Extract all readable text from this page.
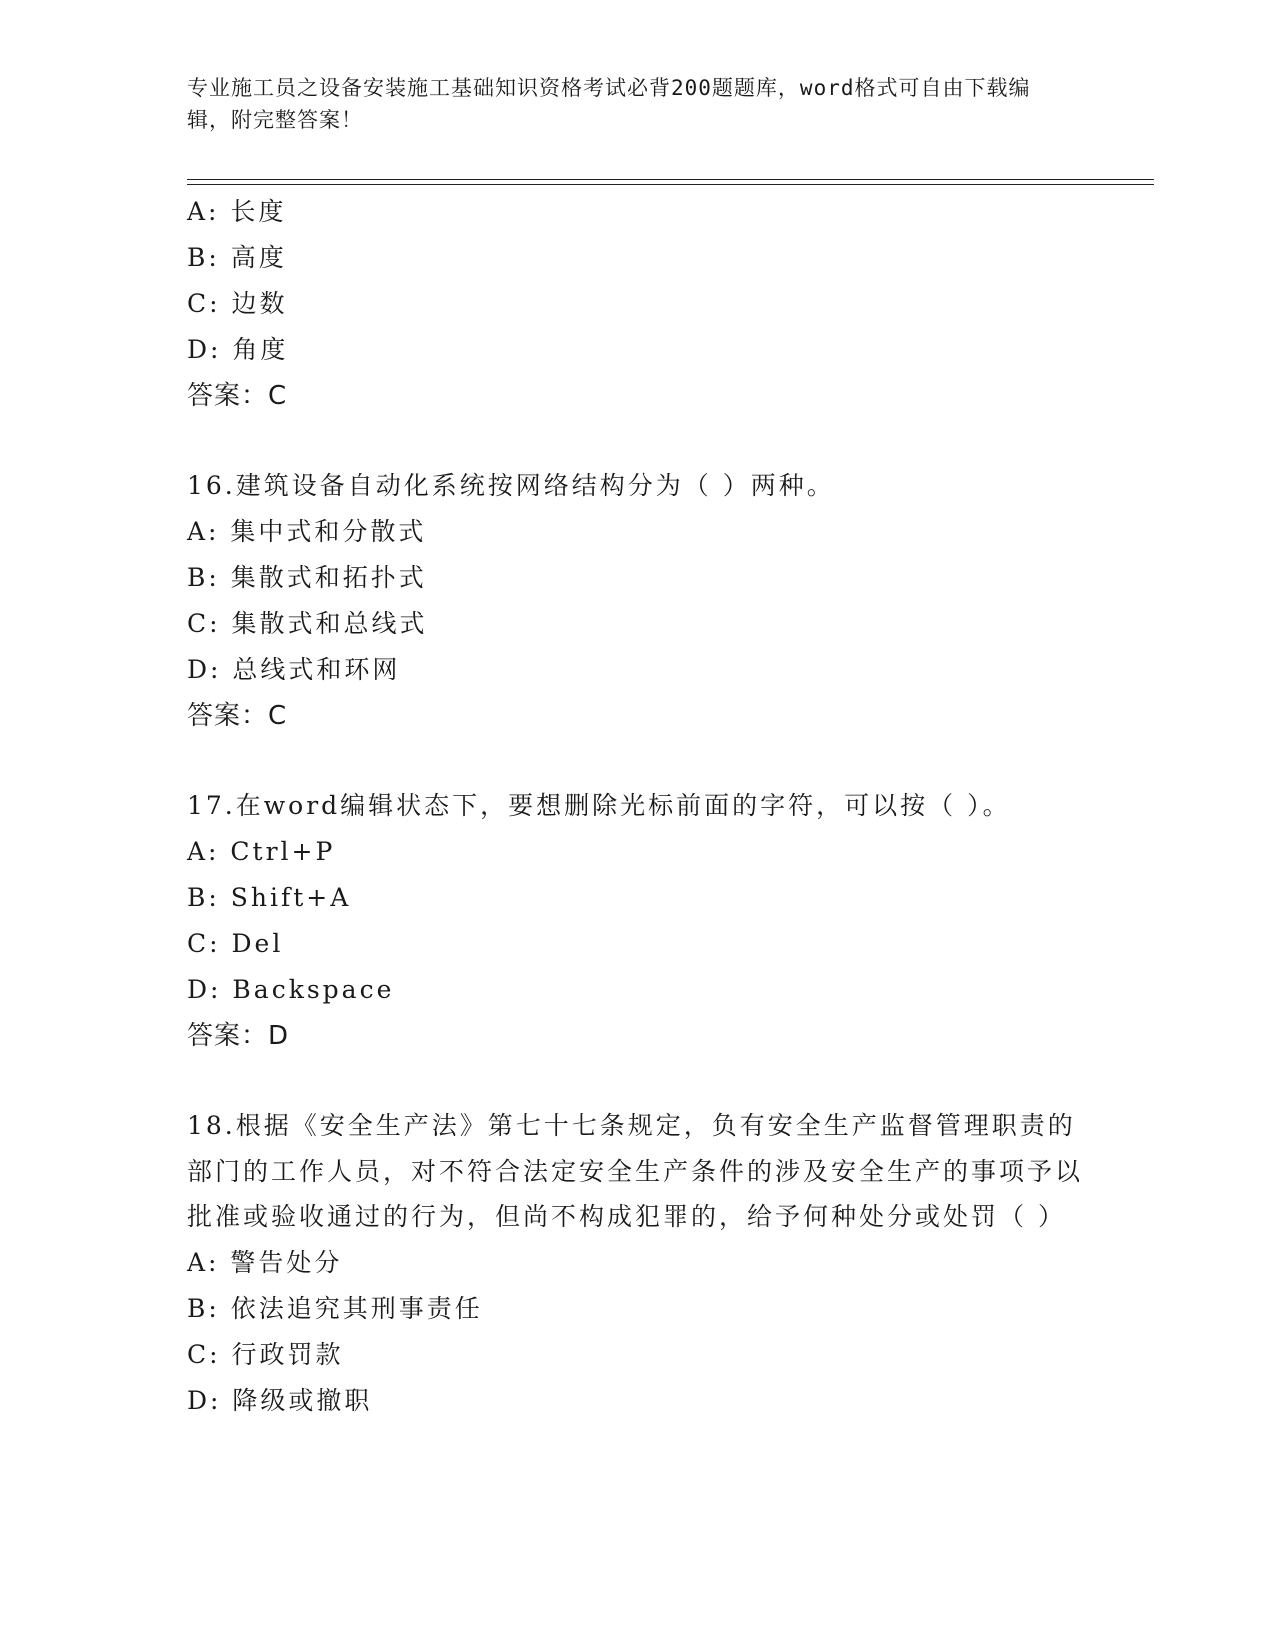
专业施工员之设备安装施工基础知识资格考试必背200题题库，word格式可自由下载编辑，附完整答案！
A: 长度
B: 高度
C: 边数
D: 角度
答案：C
16.建筑设备自动化系统按网络结构分为（ ）两种。
A: 集中式和分散式
B: 集散式和拓扑式
C: 集散式和总线式
D: 总线式和环网
答案：C
17.在word编辑状态下，要想删除光标前面的字符，可以按（ ）。
A: Ctrl+P
B: Shift+A
C: Del
D: Backspace
答案：D
18.根据《安全生产法》第七十七条规定，负有安全生产监督管理职责的部门的工作人员，对不符合法定安全生产条件的涉及安全生产的事项予以批准或验收通过的行为，但尚不构成犯罪的，给予何种处分或处罚（ ）
A: 警告处分
B: 依法追究其刑事责任
C: 行政罚款
D: 降级或撤职
